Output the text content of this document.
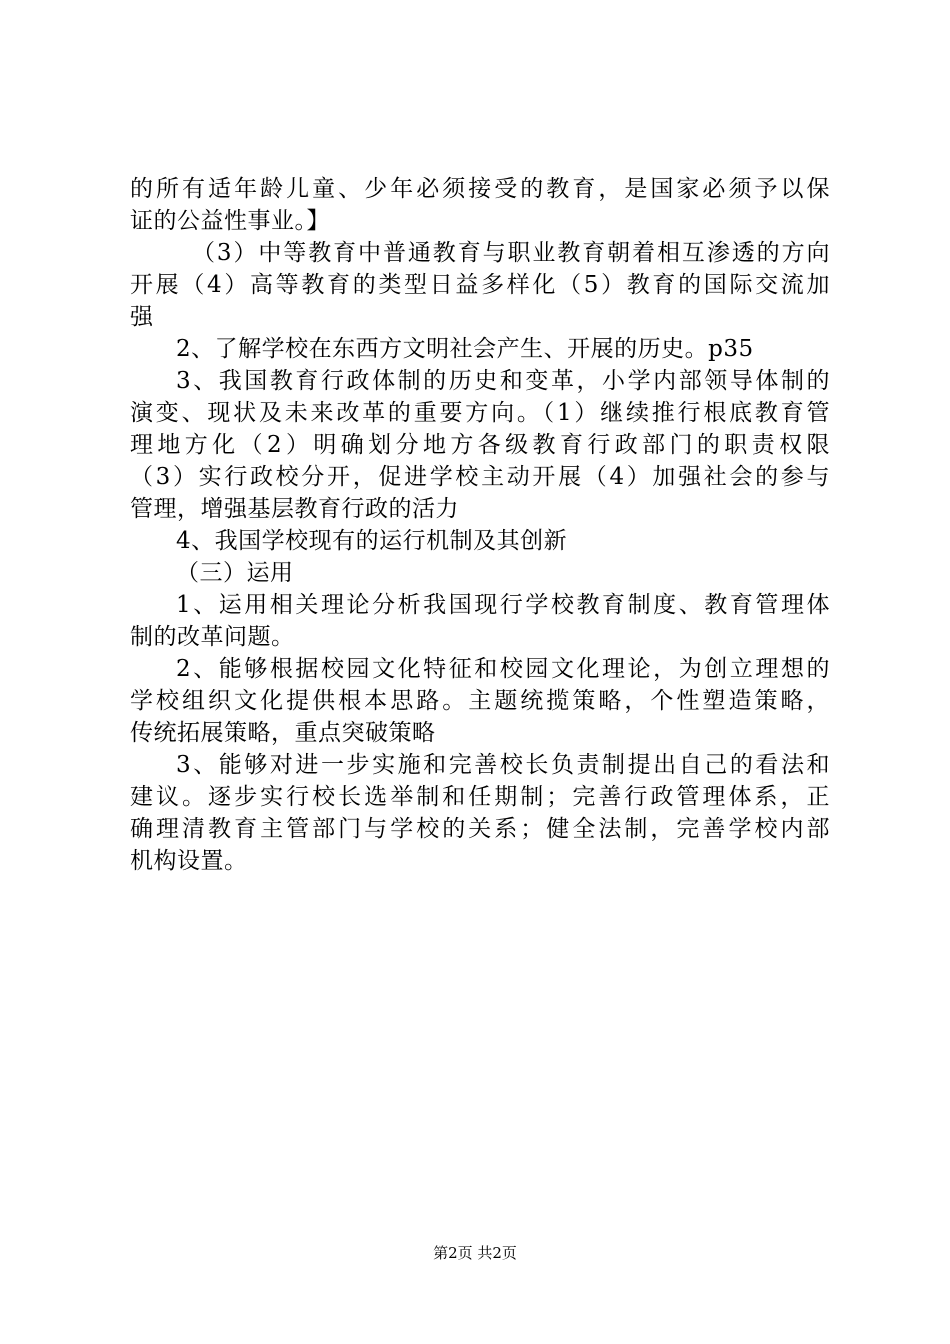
的所有适年龄儿童、少年必须接受的教育，是国家必须予以保
证的公益性事业。】
（3）中等教育中普通教育与职业教育朝着相互渗透的方向
开展（4）高等教育的类型日益多样化（5）教育的国际交流加
强
2、了解学校在东西方文明社会产生、开展的历史。p35
3、我国教育行政体制的历史和变革，小学内部领导体制的
演变、现状及未来改革的重要方向。（1）继续推行根底教育管
理地方化（2）明确划分地方各级教育行政部门的职责权限
（3）实行政校分开，促进学校主动开展（4）加强社会的参与
管理，增强基层教育行政的活力
4、我国学校现有的运行机制及其创新
（三）运用
1、运用相关理论分析我国现行学校教育制度、教育管理体
制的改革问题。
2、能够根据校园文化特征和校园文化理论，为创立理想的
学校组织文化提供根本思路。主题统揽策略，个性塑造策略，
传统拓展策略，重点突破策略
3、能够对进一步实施和完善校长负责制提出自己的看法和
建议。逐步实行校长选举制和任期制；完善行政管理体系，正
确理清教育主管部门与学校的关系；健全法制，完善学校内部
机构设置。
第2页 共2页
